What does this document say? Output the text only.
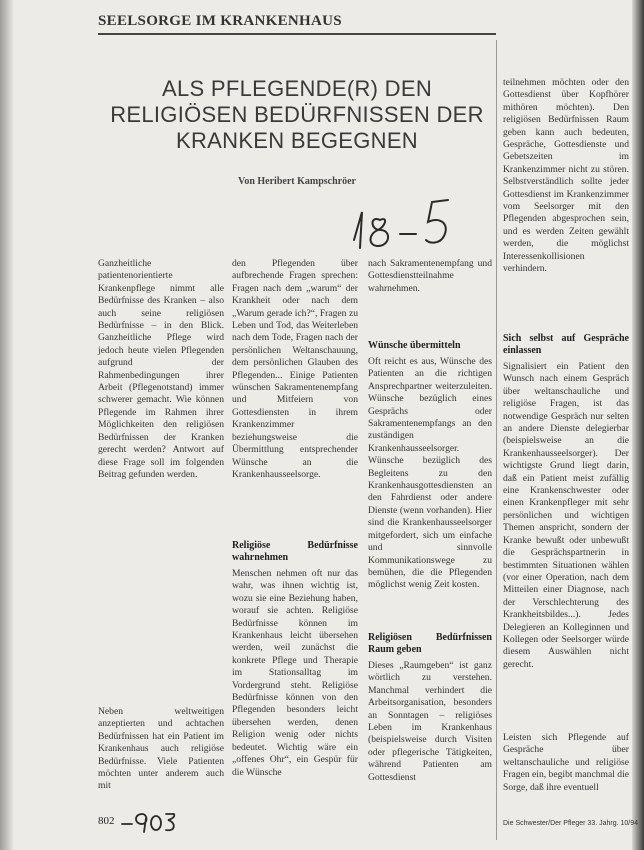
SEELSORGE IM KRANKENHAUS
ALS PFLEGENDE(R) DEN
RELIGIÖSEN BEDÜRFNISSEN DER
KRANKEN BEGEGNEN
Von Heribert Kampschröer

Ganzheitliche patientenorientierte Krankenpflege nimmt alle Bedürfnisse des Kranken – also auch seine religiösen Bedürfnisse – in den Blick. Ganzheitliche Pflege wird jedoch heute vielen Pflegenden aufgrund der Rahmenbedingungen ihrer Arbeit (Pflegenotstand) immer schwerer gemacht. Wie können Pflegende im Rahmen ihrer Möglichkeiten den religiösen Bedürfnissen der Kranken gerecht werden? Antwort auf diese Frage soll im folgenden Beitrag gefunden werden.

Neben weltweitigen anzeptierten und achtachen Bedürfnissen hat ein Patient im Krankenhaus auch religiöse Bedürfnisse. Viele Patienten möchten unter anderem auch mit

den Pflegenden über aufbrechende Fragen sprechen: Fragen nach dem „warum“ der Krankheit oder nach dem „Warum gerade ich?“, Fragen zu Leben und Tod, das Weiterleben nach dem Tode, Fragen nach der persönlichen Weltanschauung, dem persönlichen Glauben des Pflegenden... Einige Patienten wünschen Sakramentenempfang und Mitfeiern von Gottesdiensten in ihrem Krankenzimmer beziehungsweise die Übermittlung entsprechender Wünsche an die Krankenhausseelsorge.

Religiöse Bedürfnisse wahrnehmen

Menschen nehmen oft nur das wahr, was ihnen wichtig ist, wozu sie eine Beziehung haben, worauf sie achten. Religiöse Bedürfnisse können im Krankenhaus leicht übersehen werden, weil zunächst die konkrete Pflege und Therapie im Stationsalltag im Vordergrund steht. Religiöse Bedürfnisse können von den Pflegenden besonders leicht übersehen werden, denen Religion wenig oder nichts bedeutet. Wichtig wäre ein „offenes Ohr“, ein Gespür für die Wünsche

nach Sakramentenempfang und Gottesdienstteilnahme wahrnehmen.

Wünsche übermitteln

Oft reicht es aus, Wünsche des Patienten an die richtigen Ansprechpartner weiterzuleiten. Wünsche bezüglich eines Gesprächs oder Sakramentenempfangs an den zuständigen Krankenhausseelsorger. Wünsche bezüglich des Begleitens zu den Krankenhausgottesdiensten an den Fahrdienst oder andere Dienste (wenn vorhanden). Hier sind die Krankenhausseelsorger mitgefordert, sich um einfache und sinnvolle Kommunikationswege zu bemühen, die die Pflegenden möglichst wenig Zeit kosten.

Religiösen Bedürfnissen Raum geben

Dieses „Raumgeben“ ist ganz wörtlich zu verstehen. Manchmal verhindert die Arbeitsorganisation, besonders an Sonntagen – religiöses Leben im Krankenhaus (beispielsweise durch Visiten oder pflegerische Tätigkeiten, während Patienten am Gottesdienst

teilnehmen möchten oder den Gottesdienst über Kopfhörer mithören möchten). Den religiösen Bedürfnissen Raum geben kann auch bedeuten, Gespräche, Gottesdienste und Gebetszeiten im Krankenzimmer nicht zu stören. Selbstverständlich sollte jeder Gottesdienst im Krankenzimmer vom Seelsorger mit den Pflegenden abgesprochen sein, und es werden Zeiten gewählt werden, die möglichst Interessenkollisionen verhindern.

Sich selbst auf Gespräche einlassen

Signalisiert ein Patient den Wunsch nach einem Gespräch über weltanschauliche und religiöse Fragen, ist das notwendige Gespräch nur selten an andere Dienste delegierbar (beispielsweise an die Krankenhausseelsorger). Der wichtigste Grund liegt darin, daß ein Patient meist zufällig eine Krankenschwester oder einen Krankenpfleger mit sehr persönlichen und wichtigen Themen anspricht, sondern der Kranke bewußt oder unbewußt die Gesprächspartnerin in bestimmten Situationen wählen (vor einer Operation, nach dem Mitteilen einer Diagnose, nach der Verschlechterung des Krankheitsbildes...). Jedes Delegieren an Kolleginnen und Kollegen oder Seelsorger würde diesem Auswählen nicht gerecht.

Leisten sich Pflegende auf Gespräche über weltanschauliche und religiöse Fragen ein, begibt manchmal die Sorge, daß ihre eventuell

802	Die Schwester/Der Pfleger 33. Jahrg. 10/94
